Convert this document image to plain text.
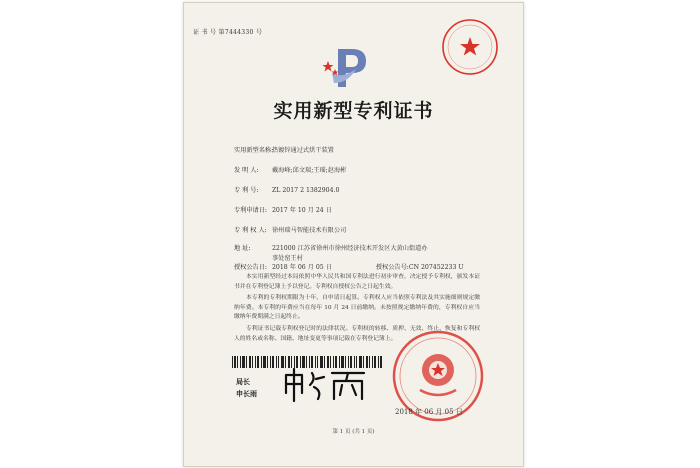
证 书 号 第7444330 号
实用新型专利证书
实用新型名称:热镀锌通过式烘干装置
发 明 人: 戴海峰;邱文瑞;王瑶;赵海彬
专 利 号: ZL 2017 2 1382904.0
专利申请日: 2017 年 10 月 24 日
专 利 权 人: 徐州瑞马智能技术有限公司
地 址:	221000 江苏省徐州市徐州经济技术开发区大黄山街道办
事处窑王村
授权公告日: 2018 年 06 月 05 日	授权公告号:CN 207452233 U
本实用新型经过本局依照中华人民共和国专利法进行初步审查，决定授予专利权，颁发本证书并在专利登记簿上予以登记。专利权自授权公告之日起生效。
本专利的专利权期限为十年，自申请日起算。专利权人应当依照专利法及其实施细则规定缴纳年费。本专利的年费应当在每年 10 月 24 日前缴纳。未按照规定缴纳年费的，专利权自应当缴纳年费期满之日起终止。
专利证书记载专利权登记时的法律状况。专利权的转移、质押、无效、终止、恢复和专利权人的姓名或名称、国籍、地址变更等事项记载在专利登记簿上。
局长
申长雨
2018 年 06 月 05 日
第 1 页 (共 1 页)
